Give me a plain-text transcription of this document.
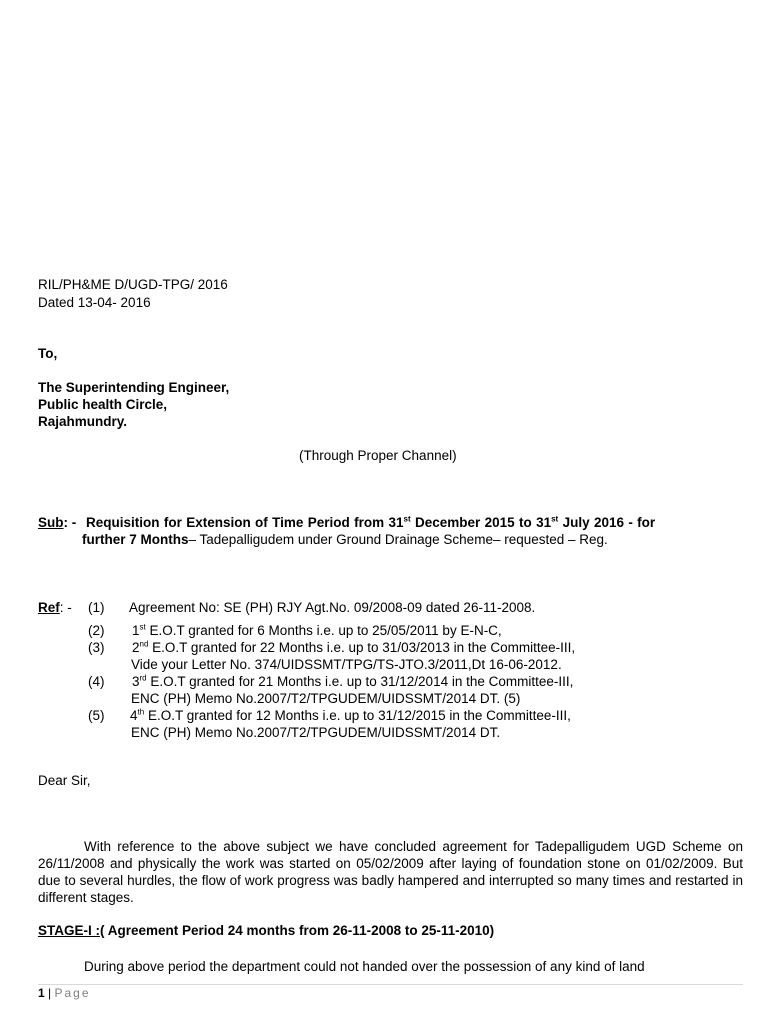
RIL/PH&ME D/UGD-TPG/ 2016
Dated 13-04- 2016
To,
The Superintending Engineer,
Public health Circle,
Rajahmundry.
(Through Proper Channel)
Sub: - Requisition for Extension of Time Period from 31st December 2015 to 31st July 2016 - for
further 7 Months– Tadepalligudem under Ground Drainage Scheme– requested – Reg.
Ref: - (1) Agreement No: SE (PH) RJY Agt.No. 09/2008-09 dated 26-11-2008.
(2) 1st E.O.T granted for 6 Months i.e. up to 25/05/2011 by E-N-C,
(3) 2nd E.O.T granted for 22 Months i.e. up to 31/03/2013 in the Committee-III,
Vide your Letter No. 374/UIDSSMT/TPG/TS-JTO.3/2011,Dt 16-06-2012.
(4) 3rd E.O.T granted for 21 Months i.e. up to 31/12/2014 in the Committee-III,
ENC (PH) Memo No.2007/T2/TPGUDEM/UIDSSMT/2014 DT. (5)
(5) 4th E.O.T granted for 12 Months i.e. up to 31/12/2015 in the Committee-III,
ENC (PH) Memo No.2007/T2/TPGUDEM/UIDSSMT/2014 DT.
Dear Sir,
With reference to the above subject we have concluded agreement for Tadepalligudem UGD Scheme on 26/11/2008 and physically the work was started on 05/02/2009 after laying of foundation stone on 01/02/2009. But due to several hurdles, the flow of work progress was badly hampered and interrupted so many times and restarted in different stages.
STAGE-I :( Agreement Period 24 months from 26-11-2008 to 25-11-2010)
During above period the department could not handed over the possession of any kind of land
1 | Page
